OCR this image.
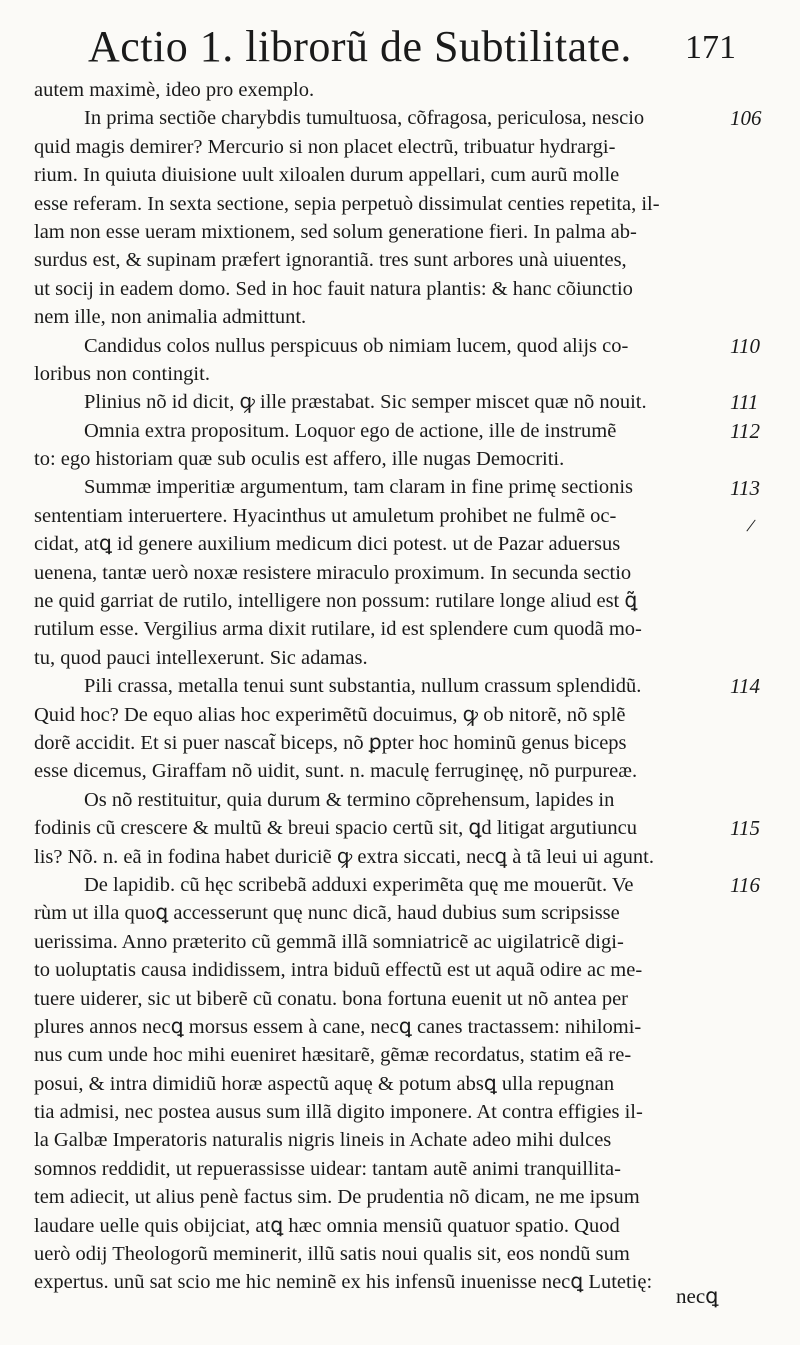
Actio 1. librorũ de Subtilitate. 171
autem maximè, ideo pro exemplo.
In prima sectiõe charybdis tumultuosa, cõfragosa, periculosa, nescio
quid magis demirer? Mercurio si non placet electrũ, tribuatur hydrargi-
rium. In quiuta diuisione uult xiloalen durum appellari, cum aurũ molle
esse referam. In sexta sectione, sepia perpetuò dissimulat centies repetita, il-
lam non esse ueram mixtionem, sed solum generatione fieri. In palma ab-
surdus est, & supinam præfert ignorantiã. tres sunt arbores unà uiuentes,
ut socij in eadem domo. Sed in hoc fauit natura plantis: & hanc cõiunctio
nem ille, non animalia admittunt.
Candidus colos nullus perspicuus ob nimiam lucem, quod alijs co-
loribus non contingit.
Plinius nõ id dicit, ꝙ ille præstabat. Sic semper miscet quæ nõ nouit.
Omnia extra propositum. Loquor ego de actione, ille de instrumẽ
to: ego historiam quæ sub oculis est affero, ille nugas Democriti.
Summæ imperitiæ argumentum, tam claram in fine primę sectionis
sententiam interuertere. Hyacinthus ut amuletum prohibet ne fulmẽ oc-
cidat, atꝗ id genere auxilium medicum dici potest. ut de Pazar aduersus
uenena, tantæ uerò noxæ resistere miraculo proximum. In secunda sectio
ne quid garriat de rutilo, intelligere non possum: rutilare longe aliud est ꝗ̃
rutilum esse. Vergilius arma dixit rutilare, id est splendere cum quodã mo-
tu, quod pauci intellexerunt. Sic adamas.
Pili crassa, metalla tenui sunt substantia, nullum crassum splendidũ.
Quid hoc? De equo alias hoc experimẽtũ docuimus, ꝙ ob nitorẽ, nõ splẽ
dorẽ accidit. Et si puer nascat̃ biceps, nõ ꝑpter hoc hominũ genus biceps
esse dicemus, Giraffam nõ uidit, sunt. n. maculę ferruginęę, nõ purpureæ.
Os nõ restituitur, quia durum & termino cõprehensum, lapides in
fodinis cũ crescere & multũ & breui spacio certũ sit, ꝗd litigat argutiuncu
lis? Nõ. n. eã in fodina habet duriciẽ ꝙ extra siccati, necꝗ à tã leui ui agunt.
De lapidib. cũ hęc scribebã adduxi experimẽta quę me mouerũt. Ve
rùm ut illa quoꝗ accesserunt quę nunc dicã, haud dubius sum scripsisse
uerissima. Anno præterito cũ gemmã illã somniatricẽ ac uigilatricẽ digi-
to uoluptatis causa indidissem, intra biduũ effectũ est ut aquã odire ac me-
tuere uiderer, sic ut biberẽ cũ conatu. bona fortuna euenit ut nõ antea per
plures annos necꝗ morsus essem à cane, necꝗ canes tractassem: nihilomi-
nus cum unde hoc mihi eueniret hæsitarẽ, gẽmæ recordatus, statim eã re-
posui, & intra dimidiũ horæ aspectũ aquę & potum absꝗ ulla repugnan
tia admisi, nec postea ausus sum illã digito imponere. At contra effigies il-
la Galbæ Imperatoris naturalis nigris lineis in Achate adeo mihi dulces
somnos reddidit, ut repuerassisse uidear: tantam autẽ animi tranquillita-
tem adiecit, ut alius penè factus sim. De prudentia nõ dicam, ne me ipsum
laudare uelle quis obijciat, atꝗ hæc omnia mensiũ quatuor spatio. Quod
uerò odij Theologorũ meminerit, illũ satis noui qualis sit, eos nondũ sum
expertus. unũ sat scio me hic neminẽ ex his infensũ inuenisse necꝗ Lutetię:
106
110
111
112
113
114
115
116
/
necꝗ
